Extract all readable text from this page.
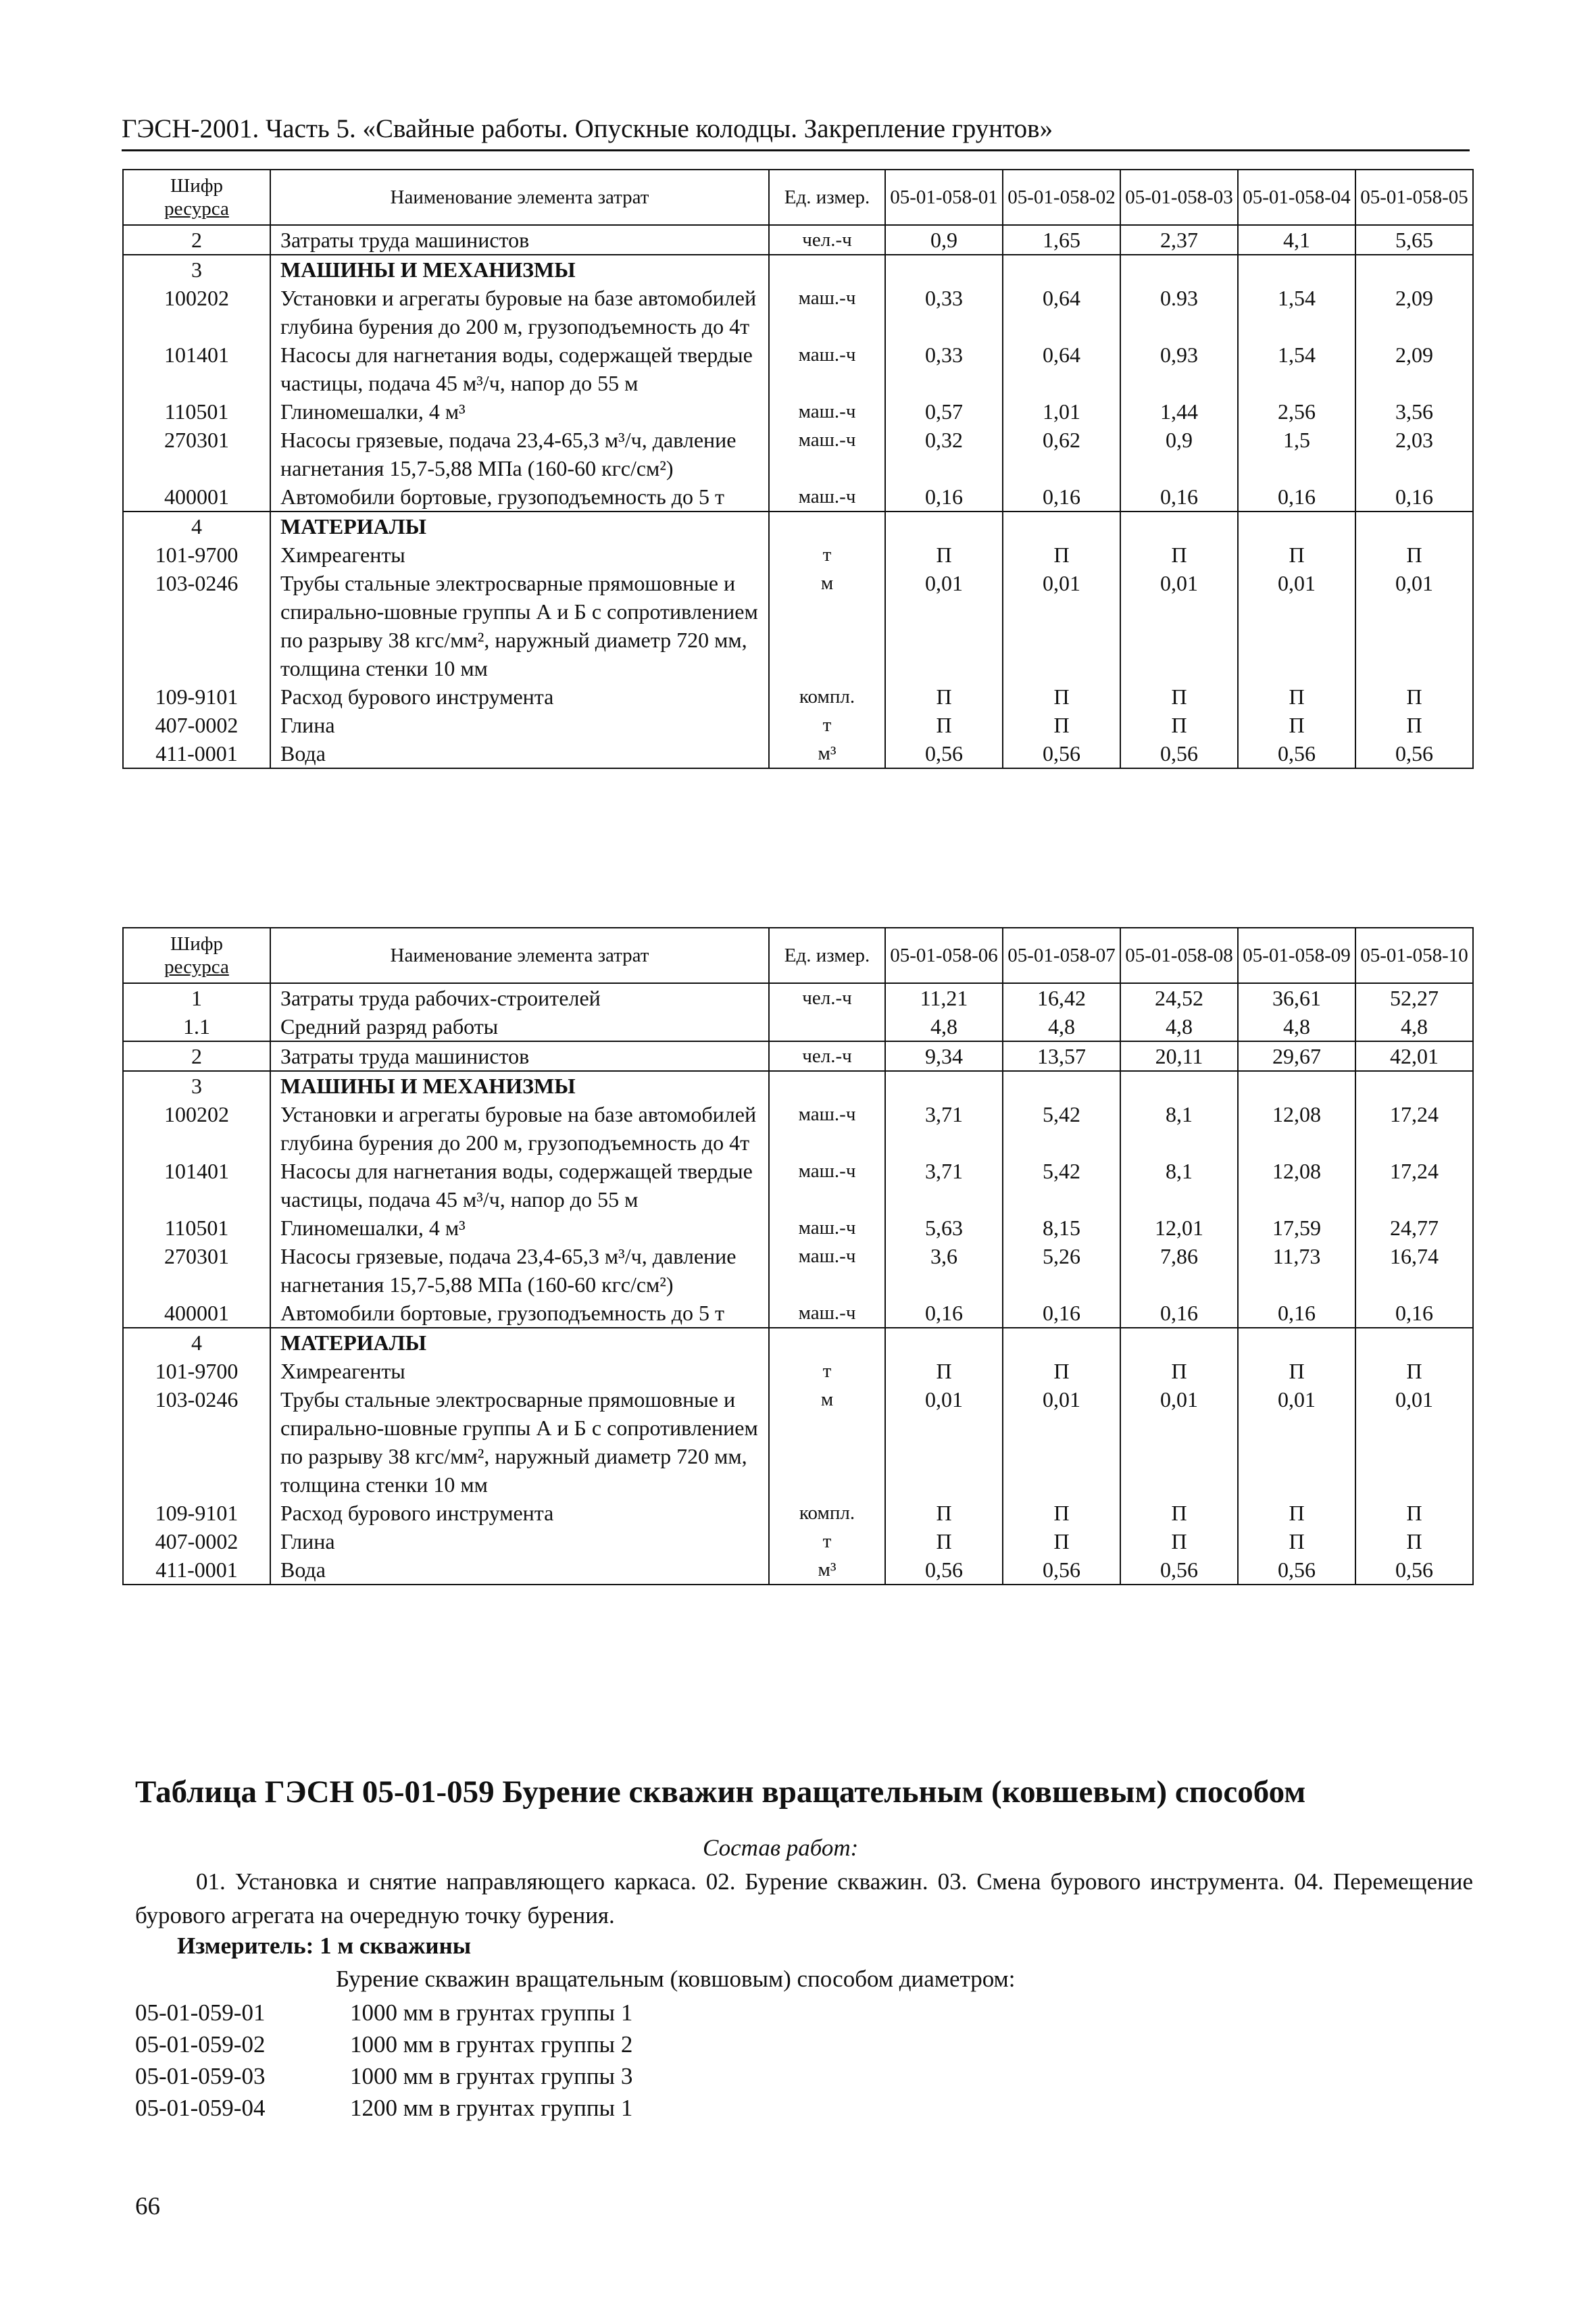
ГЭСН-2001. Часть 5. «Свайные работы. Опускные колодцы. Закрепление грунтов»
Шифр
ресурса	Наименование элемента затрат	Ед. измер.	05-01-058-01	05-01-058-02	05-01-058-03	05-01-058-04	05-01-058-05
2	Затраты труда машинистов	чел.-ч	0,9	1,65	2,37	4,1	5,65
3	МАШИНЫ И МЕХАНИЗМЫ						
100202	Установки и агрегаты буровые на базе автомобилей глубина бурения до 200 м, грузоподъемность до 4т	маш.-ч	0,33	0,64	0.93	1,54	2,09
101401	Насосы для нагнетания воды, содержащей твердые частицы, подача 45 м³/ч, напор до 55 м	маш.-ч	0,33	0,64	0,93	1,54	2,09
110501	Глиномешалки, 4 м³	маш.-ч	0,57	1,01	1,44	2,56	3,56
270301	Насосы грязевые, подача 23,4-65,3 м³/ч, давление нагнетания 15,7-5,88 МПа (160-60 кгс/см²)	маш.-ч	0,32	0,62	0,9	1,5	2,03
400001	Автомобили бортовые, грузоподъемность до 5 т	маш.-ч	0,16	0,16	0,16	0,16	0,16
4	МАТЕРИАЛЫ						
101-9700	Химреагенты	т	П	П	П	П	П
103-0246	Трубы стальные электросварные прямошовные и спирально-шовные группы А и Б с сопротивлением по разрыву 38 кгс/мм², наружный диаметр 720 мм, толщина стенки 10 мм	м	0,01	0,01	0,01	0,01	0,01
109-9101	Расход бурового инструмента	компл.	П	П	П	П	П
407-0002	Глина	т	П	П	П	П	П
411-0001	Вода	м³	0,56	0,56	0,56	0,56	0,56
Шифр
ресурса	Наименование элемента затрат	Ед. измер.	05-01-058-06	05-01-058-07	05-01-058-08	05-01-058-09	05-01-058-10
1	Затраты труда рабочих-строителей	чел.-ч	11,21	16,42	24,52	36,61	52,27
1.1	Средний разряд работы		4,8	4,8	4,8	4,8	4,8
2	Затраты труда машинистов	чел.-ч	9,34	13,57	20,11	29,67	42,01
3	МАШИНЫ И МЕХАНИЗМЫ						
100202	Установки и агрегаты буровые на базе автомобилей глубина бурения до 200 м, грузоподъемность до 4т	маш.-ч	3,71	5,42	8,1	12,08	17,24
101401	Насосы для нагнетания воды, содержащей твердые частицы, подача 45 м³/ч, напор до 55 м	маш.-ч	3,71	5,42	8,1	12,08	17,24
110501	Глиномешалки, 4 м³	маш.-ч	5,63	8,15	12,01	17,59	24,77
270301	Насосы грязевые, подача 23,4-65,3 м³/ч, давление нагнетания 15,7-5,88 МПа (160-60 кгс/см²)	маш.-ч	3,6	5,26	7,86	11,73	16,74
400001	Автомобили бортовые, грузоподъемность до 5 т	маш.-ч	0,16	0,16	0,16	0,16	0,16
4	МАТЕРИАЛЫ						
101-9700	Химреагенты	т	П	П	П	П	П
103-0246	Трубы стальные электросварные прямошовные и спирально-шовные группы А и Б с сопротивлением по разрыву 38 кгс/мм², наружный диаметр 720 мм, толщина стенки 10 мм	м	0,01	0,01	0,01	0,01	0,01
109-9101	Расход бурового инструмента	компл.	П	П	П	П	П
407-0002	Глина	т	П	П	П	П	П
411-0001	Вода	м³	0,56	0,56	0,56	0,56	0,56
Таблица ГЭСН 05-01-059 Бурение скважин вращательным (ковшевым) способом
Состав работ:
01. Установка и снятие направляющего каркаса. 02. Бурение скважин. 03. Смена бурового инструмента. 04. Перемещение бурового агрегата на очередную точку бурения.
Измеритель: 1 м скважины
Бурение скважин вращательным (ковшовым) способом диаметром:
05-01-059-01	1000 мм в грунтах группы 1
05-01-059-02	1000 мм в грунтах группы 2
05-01-059-03	1000 мм в грунтах группы 3
05-01-059-04	1200 мм в грунтах группы 1
66
